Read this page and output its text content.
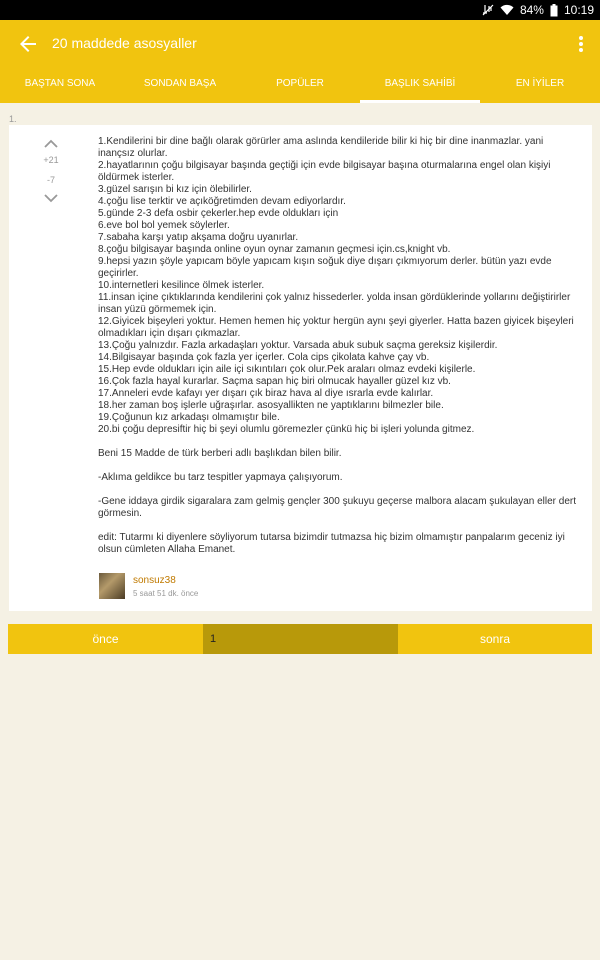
84% 10:19
20 maddede asosyaller
BAŞTAN SONA	SONDAN BAŞA	POPÜLER	BAŞLIK SAHİBİ	EN İYİLER
1.
+21
-7
1.Kendilerini bir dine bağlı olarak görürler ama aslında kendileride bilir ki hiç bir dine inanmazlar. yani inançsız olurlar.
2.hayatlarının çoğu bilgisayar başında geçtiği için evde bilgisayar başına oturmalarına engel olan kişiyi öldürmek isterler.
3.güzel sarışın bi kız için ölebilirler.
4.çoğu lise terktir ve açıköğretimden devam ediyorlardır.
5.günde 2-3 defa osbir çekerler.hep evde oldukları için
6.eve bol bol yemek söylerler.
7.sabaha karşı yatıp akşama doğru uyanırlar.
8.çoğu bilgisayar başında online oyun oynar zamanın geçmesi için.cs,knight vb.
9.hepsi yazın şöyle yapıcam böyle yapıcam kışın soğuk diye dışarı çıkmıyorum derler. bütün yazı evde geçirirler.
10.internetleri kesilince ölmek isterler.
11.insan içine çıktıklarında kendilerini çok yalnız hissederler. yolda insan gördüklerinde yollarını değiştirirler insan yüzü görmemek için.
12.Giyicek bişeyleri yoktur. Hemen hemen hiç yoktur hergün aynı şeyi giyerler. Hatta bazen giyicek bişeyleri olmadıkları için dışarı çıkmazlar.
13.Çoğu yalnızdır. Fazla arkadaşları yoktur. Varsada abuk subuk saçma gereksiz kişilerdir.
14.Bilgisayar başında çok fazla yer içerler. Cola cips çikolata kahve çay vb.
15.Hep evde oldukları için aile içi sıkıntıları çok olur.Pek araları olmaz evdeki kişilerle.
16.Çok fazla hayal kurarlar. Saçma sapan hiç biri olmucak hayaller güzel kız vb.
17.Anneleri evde kafayı yer dışarı çık biraz hava al diye ısrarla evde kalırlar.
18.her zaman boş işlerle uğraşırlar. asosyallikten ne yaptıklarını bilmezler bile.
19.Çoğunun kız arkadaşı olmamıştır bile.
20.bi çoğu depresiftir hiç bi şeyi olumlu göremezler çünkü hiç bi işleri yolunda gitmez.
Beni 15 Madde de türk berberi adlı başlıkdan bilen bilir.
-Aklıma geldikce bu tarz tespitler yapmaya çalışıyorum.
-Gene iddaya girdik sigaralara zam gelmiş gençler 300 şukuyu geçerse malbora alacam şukulayan eller dert görmesin.
edit: Tutarmı ki diyenlere söyliyorum tutarsa bizimdir tutmazsa hiç bizim olmamıştır panpalarım geceniz iyi olsun cümleten Allaha Emanet.
sonsuz38
5 saat 51 dk. önce
önce	1	sonra
